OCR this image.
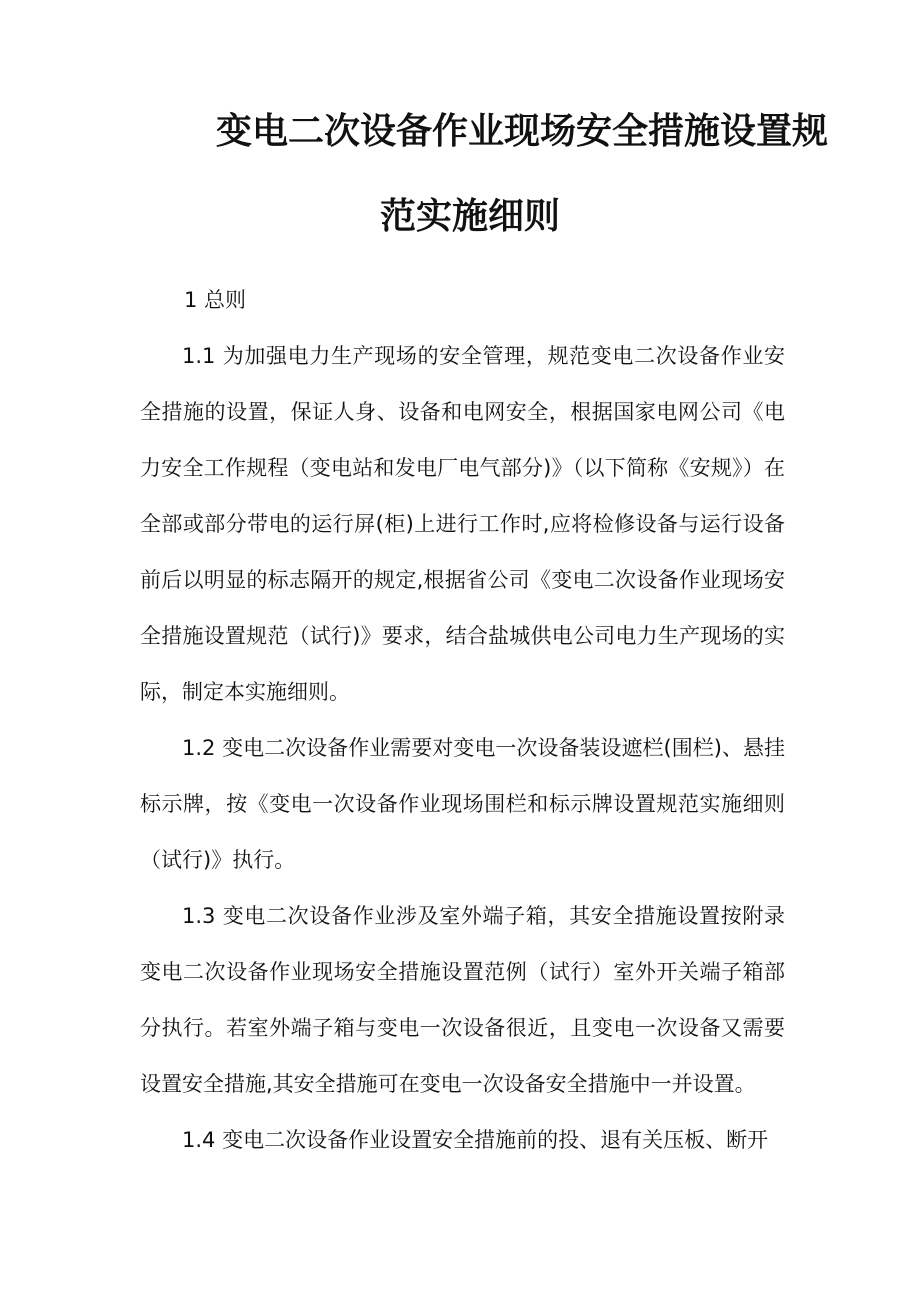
变电二次设备作业现场安全措施设置规
范实施细则

1 总则

1.1 为加强电力生产现场的安全管理，规范变电二次设备作业安全措施的设置，保证人身、设备和电网安全，根据国家电网公司《电力安全工作规程（变电站和发电厂电气部分)》（以下简称《安规》）在全部或部分带电的运行屏(柜)上进行工作时,应将检修设备与运行设备前后以明显的标志隔开的规定,根据省公司《变电二次设备作业现场安全措施设置规范（试行)》要求，结合盐城供电公司电力生产现场的实际，制定本实施细则。

1.2 变电二次设备作业需要对变电一次设备装设遮栏(围栏)、悬挂标示牌，按《变电一次设备作业现场围栏和标示牌设置规范实施细则（试行)》执行。

1.3 变电二次设备作业涉及室外端子箱，其安全措施设置按附录变电二次设备作业现场安全措施设置范例（试行）室外开关端子箱部分执行。若室外端子箱与变电一次设备很近，且变电一次设备又需要设置安全措施,其安全措施可在变电一次设备安全措施中一并设置。

1.4 变电二次设备作业设置安全措施前的投、退有关压板、断开
